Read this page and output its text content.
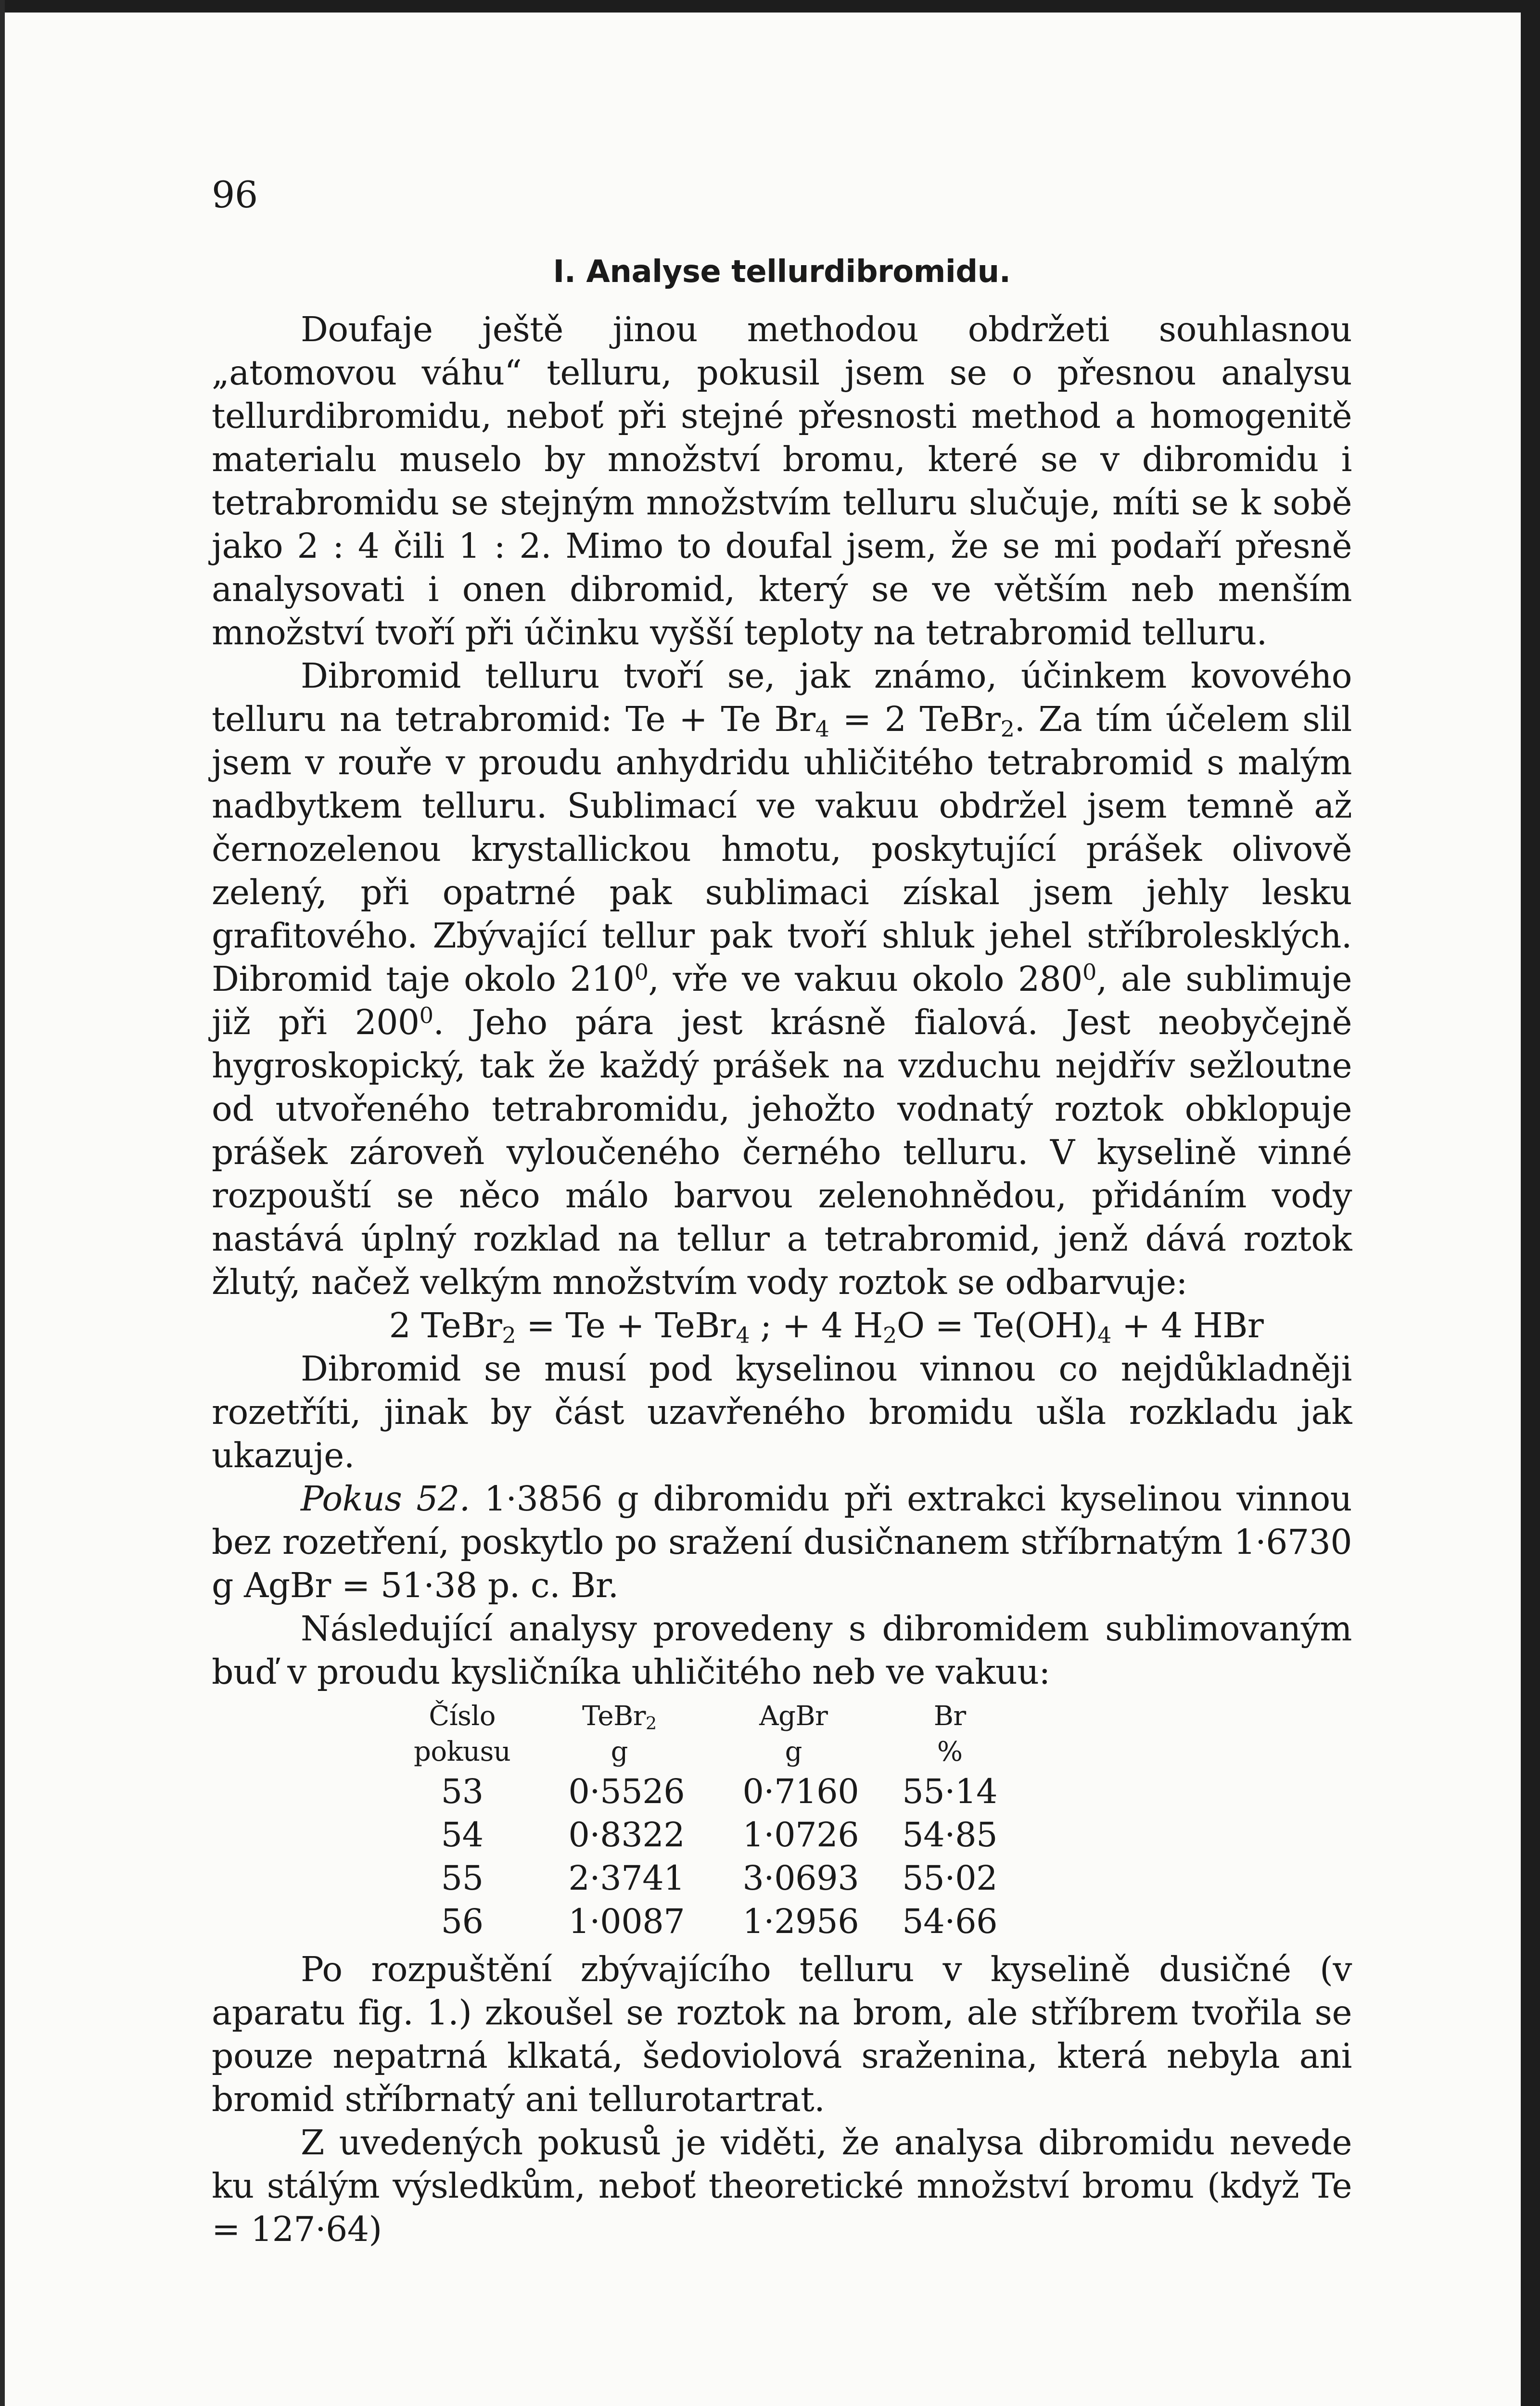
96
I. Analyse tellurdibromidu.

Doufaje ještě jinou methodou obdržeti souhlasnou „atomovou váhu“ telluru, pokusil jsem se o přesnou analysu tellurdibromidu, neboť při stejné přesnosti method a homogenitě materialu muselo by množství bromu, které se v dibromidu i tetrabromidu se stejným množstvím telluru slučuje, míti se k sobě jako 2 : 4 čili 1 : 2. Mimo to doufal jsem, že se mi podaří přesně analysovati i onen dibromid, který se ve větším neb menším množství tvoří při účinku vyšší teploty na tetrabromid telluru.

Dibromid telluru tvoří se, jak známo, účinkem kovového telluru na tetrabromid: Te + Te $Br_4 = 2$ TeBr$_2$. Za tím účelem slil jsem v rouře v proudu anhydridu uhličitého tetrabromid s malým nadbytkem telluru. Sublimací ve vakuu obdržel jsem temně až černozelenou krystallickou hmotu, poskytující prášek olivově zelený, při opatrné pak sublimaci získal jsem jehly lesku grafitového. Zbývající tellur pak tvoří shluk jehel stříbrolesklých. Dibromid taje okolo $210^0$, vře ve vakuu okolo $280^0$, ale sublimuje již při $200^0$. Jeho pára jest krásně fialová. Jest neobyčejně hygroskopický, tak že každý prášek na vzduchu nejdřív sežloutne od utvořeného tetrabromidu, jehožto vodnatý roztok obklopuje prášek zároveň vyloučeného černého telluru. V kyselině vinné rozpouští se něco málo barvou zelenohnědou, přidáním vody nastává úplný rozklad na tellur a tetrabromid, jenž dává roztok žlutý, načež velkým množstvím vody roztok se odbarvuje:

2 TeBr$_2$ = Te + TeBr$_4$ ; + 4 $H_2O = Te(OH)_4 + 4$ HBr

Dibromid se musí pod kyselinou vinnou co nejdůkladněji rozetříti, jinak by část uzavřeného bromidu ušla rozkladu jak ukazuje.

Pokus 52. 1·3856 g dibromidu při extrakci kyselinou vinnou bez rozetření, poskytlo po sražení dusičnanem stříbrnatým 1·6730 g AgBr = 51·38 p. c. Br.

Následující analysy provedeny s dibromidem sublimovaným buď v proudu kysličníka uhličitého neb ve vakuu:

Číslo	TeBr$_2$	AgBr	Br
pokusu	g	g	%
53	0·5526	0·7160	55·14
54	0·8322	1·0726	54·85
55	2·3741	3·0693	55·02
56	1·0087	1·2956	54·66

Po rozpuštění zbývajícího telluru v kyselině dusičné (v aparatu fig. 1.) zkoušel se roztok na brom, ale stříbrem tvořila se pouze nepatrná klkatá, šedoviolová sraženina, která nebyla ani bromid stříbrnatý ani tellurotartrat.

Z uvedených pokusů je viděti, že analysa dibromidu nevede ku stálým výsledkům, neboť theoretické množství bromu (když Te = 127·64)
